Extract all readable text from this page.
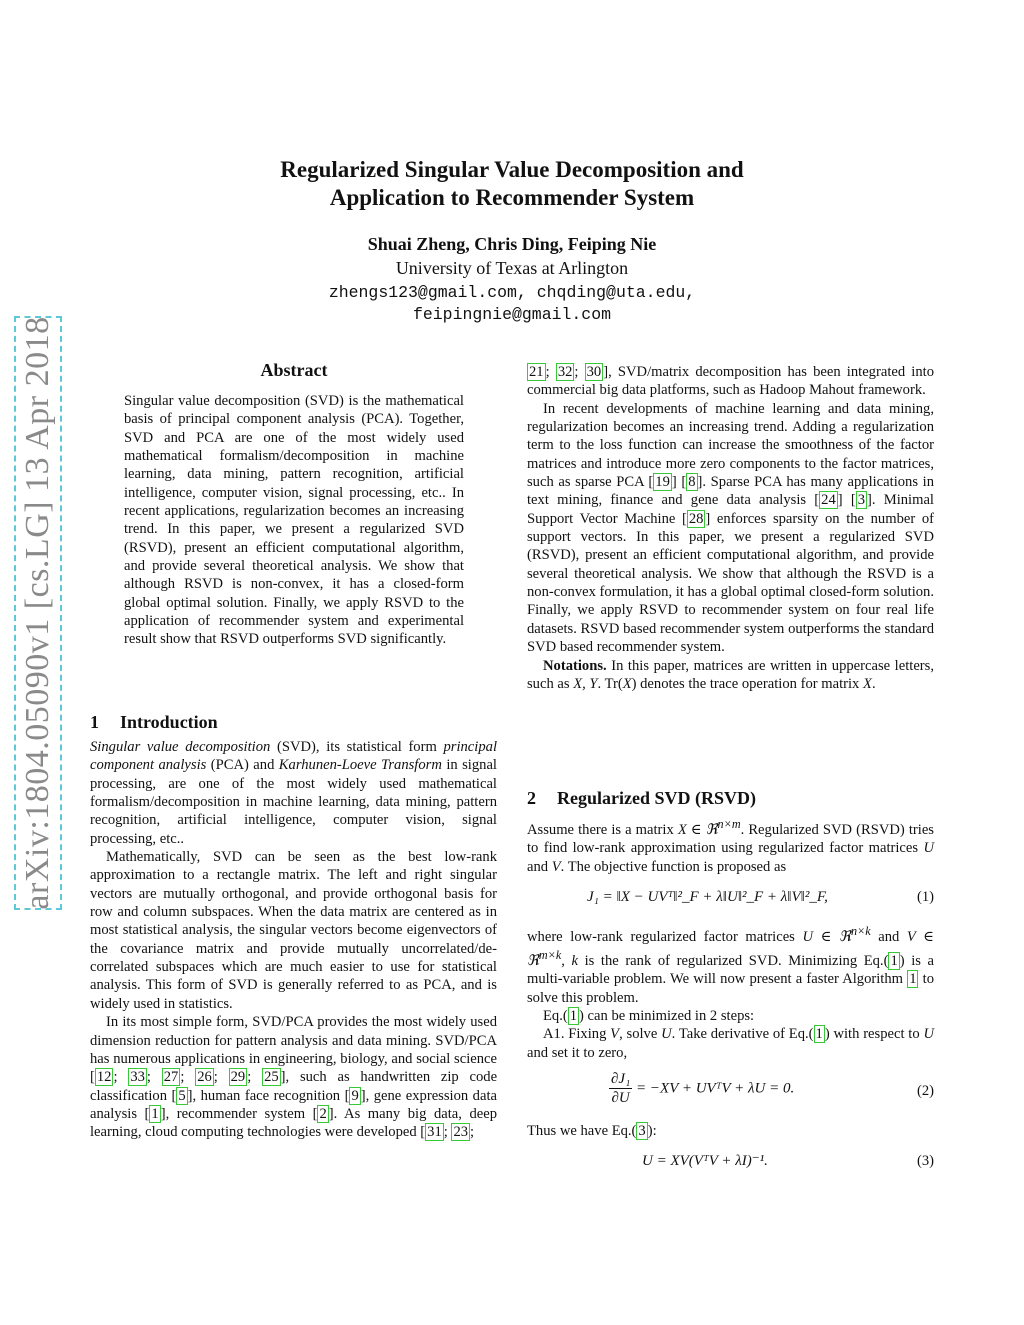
arXiv:1804.05090v1 [cs.LG] 13 Apr 2018
Regularized Singular Value Decomposition and
Application to Recommender System
Shuai Zheng, Chris Ding, Feiping Nie
University of Texas at Arlington
zhengs123@gmail.com, chqding@uta.edu,
feipingnie@gmail.com
Abstract
Singular value decomposition (SVD) is the mathematical basis of principal component analysis (PCA). Together, SVD and PCA are one of the most widely used mathematical formalism/decomposition in machine learning, data mining, pattern recognition, artificial intelligence, computer vision, signal processing, etc.. In recent applications, regularization becomes an increasing trend. In this paper, we present a regularized SVD (RSVD), present an efficient computational algorithm, and provide several theoretical analysis. We show that although RSVD is non-convex, it has a closed-form global optimal solution. Finally, we apply RSVD to the application of recommender system and experimental result show that RSVD outperforms SVD significantly.
1 Introduction

Singular value decomposition (SVD), its statistical form principal component analysis (PCA) and Karhunen-Loeve Transform in signal processing, are one of the most widely used mathematical formalism/decomposition in machine learning, data mining, pattern recognition, artificial intelligence, computer vision, signal processing, etc..

Mathematically, SVD can be seen as the best low-rank approximation to a rectangle matrix. The left and right singular vectors are mutually orthogonal, and provide orthogonal basis for row and column subspaces. When the data matrix are centered as in most statistical analysis, the singular vectors become eigenvectors of the covariance matrix and provide mutually uncorrelated/de-correlated subspaces which are much easier to use for statistical analysis. This form of SVD is generally referred to as PCA, and is widely used in statistics.

In its most simple form, SVD/PCA provides the most widely used dimension reduction for pattern analysis and data mining. SVD/PCA has numerous applications in engineering, biology, and social science [ 12 ; 33 ; 27 ; 26 ; 29 ; 25 ], such as handwritten zip code classification [ 5 ], human face recognition [ 9 ], gene expression data analysis [ 1 ], recommender system [ 2 ]. As many big data, deep learning, cloud computing technologies were developed [ 31 ; 23 ;

21 ; 32 ; 30 ], SVD/matrix decomposition has been integrated into commercial big data platforms, such as Hadoop Mahout framework.

In recent developments of machine learning and data mining, regularization becomes an increasing trend. Adding a regularization term to the loss function can increase the smoothness of the factor matrices and introduce more zero components to the factor matrices, such as sparse PCA [ 19 ] [ 8 ]. Sparse PCA has many applications in text mining, finance and gene data analysis [ 24 ] [ 3 ]. Minimal Support Vector Machine [ 28 ] enforces sparsity on the number of support vectors. In this paper, we present a regularized SVD (RSVD), present an efficient computational algorithm, and provide several theoretical analysis. We show that although the RSVD is a non-convex formulation, it has a global optimal closed-form solution. Finally, we apply RSVD to recommender system on four real life datasets. RSVD based recommender system outperforms the standard SVD based recommender system.

Notations. In this paper, matrices are written in uppercase letters, such as X, Y. Tr(X) denotes the trace operation for matrix X.

2 Regularized SVD (RSVD)

Assume there is a matrix X ∈ ℜ$^{n\times m}$. Regularized SVD (RSVD) tries to find low-rank approximation using regularized factor matrices U and V. The objective function is proposed as

J₁ = ‖X − UVᵀ‖²_F + λ‖U‖²_F + λ‖V‖²_F,	(1)

where low-rank regularized factor matrices U ∈ ℜ$^{n\times k}$ and V ∈ ℜ$^{m\times k}$, k is the rank of regularized SVD. Minimizing Eq.( 1 ) is a multi-variable problem. We will now present a faster Algorithm 1 to solve this problem.

Eq.( 1 ) can be minimized in 2 steps:

A1. Fixing V, solve U. Take derivative of Eq.( 1 ) with respect to U and set it to zero,

$\frac{\text{∂J₁}}{\partial U} = -XV$ + UVᵀV + λU = 0.	(2)

Thus we have Eq.( 3 ):

U = XV(VᵀV + λI)⁻¹.	(3)
